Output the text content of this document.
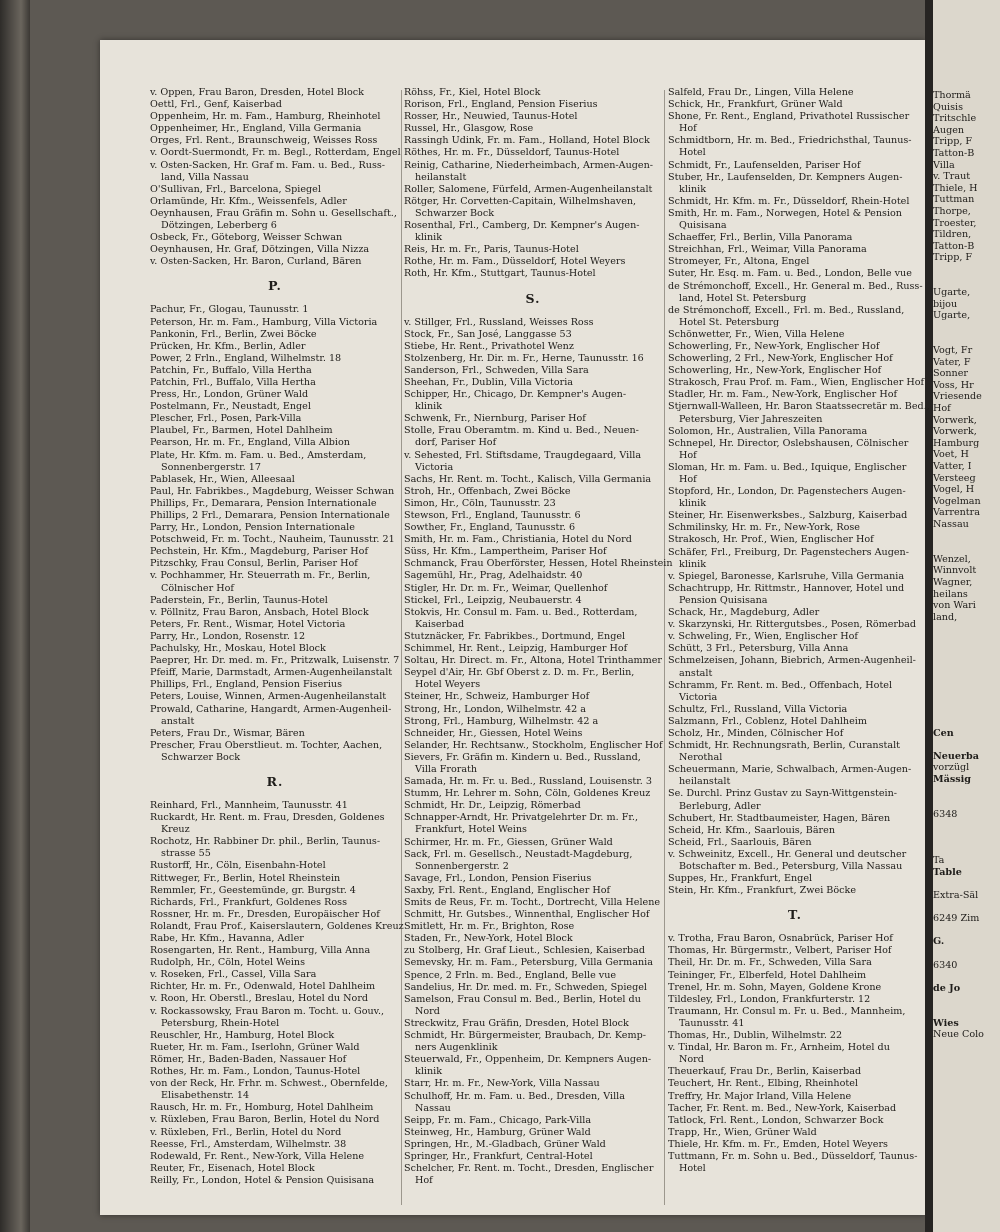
Thormä
Quisis
Tritschle
Augen
Tripp, F
Tatton-B
Villa
v. Traut
Thiele, H
Tuttman
Thorpe,
Troester,
Tildren,
Tatton-B
Tripp, F
Ugarte,
bijou
Ugarte,
Vogt, Fr
Vater, F
Sonner
Voss, Hr
Vriesende
Hof
Vorwerk,
Vorwerk,
Hamburg
Voet, H
Vatter, I
Versteeg
Vogel, H
Vogelman
Varrentra
Nassau
Wenzel,
Winnvolt
Wagner,
heilans
von Wari
land,
Cen
Neuerba
vorzügl
Mässig
6348
Ta
Table
Extra-Säl
6249 Zim
G.
6340
de Jo
Wies
Neue Colo
v. Oppen, Frau Baron, Dresden, Hotel Block
Oettl, Frl., Genf, Kaiserbad
Oppenheim, Hr. m. Fam., Hamburg, Rheinhotel
Oppenheimer, Hr., England, Villa Germania
Orges, Frl. Rent., Braunschweig, Weisses Ross
v. Oordt-Suermondt, Fr. m. Begl., Rotterdam, Engel
v. Osten-Sacken, Hr. Graf m. Fam. u. Bed., Russ-
land, Villa Nassau
O'Sullivan, Frl., Barcelona, Spiegel
Orlamünde, Hr. Kfm., Weissenfels, Adler
Oeynhausen, Frau Gräfin m. Sohn u. Gesellschaft.,
Dötzingen, Leberberg 6
Osbeck, Fr., Göteborg, Weisser Schwan
Oeynhausen, Hr. Graf, Dötzingen, Villa Nizza
v. Osten-Sacken, Hr. Baron, Curland, Bären
P.
Pachur, Fr., Glogau, Taunusstr. 1
Peterson, Hr. m. Fam., Hamburg, Villa Victoria
Pankonin, Frl., Berlin, Zwei Böcke
Prücken, Hr. Kfm., Berlin, Adler
Power, 2 Frln., England, Wilhelmstr. 18
Patchin, Fr., Buffalo, Villa Hertha
Patchin, Frl., Buffalo, Villa Hertha
Press, Hr., London, Grüner Wald
Postelmann, Fr., Neustadt, Engel
Plescher, Frl., Posen, Park-Villa
Plaubel, Fr., Barmen, Hotel Dahlheim
Pearson, Hr. m. Fr., England, Villa Albion
Plate, Hr. Kfm. m. Fam. u. Bed., Amsterdam,
Sonnenbergerstr. 17
Pablasek, Hr., Wien, Alleesaal
Paul, Hr. Fabrikbes., Magdeburg, Weisser Schwan
Phillips, Fr., Demarara, Pension Internationale
Phillips, 2 Frl., Demarara, Pension Internationale
Parry, Hr., London, Pension Internationale
Potschweid, Fr. m. Tocht., Nauheim, Taunusstr. 21
Pechstein, Hr. Kfm., Magdeburg, Pariser Hof
Pitzschky, Frau Consul, Berlin, Pariser Hof
v. Pochhammer, Hr. Steuerrath m. Fr., Berlin,
Cölnischer Hof
Paderstein, Fr., Berlin, Taunus-Hotel
v. Pöllnitz, Frau Baron, Ansbach, Hotel Block
Peters, Fr. Rent., Wismar, Hotel Victoria
Parry, Hr., London, Rosenstr. 12
Pachulsky, Hr., Moskau, Hotel Block
Paeprer, Hr. Dr. med. m. Fr., Pritzwalk, Luisenstr. 7
Pfeiff, Marie, Darmstadt, Armen-Augenheilanstalt
Phillips, Frl., England, Pension Fiserius
Peters, Louise, Winnen, Armen-Augenheilanstalt
Prowald, Catharine, Hangardt, Armen-Augenheil-
anstalt
Peters, Frau Dr., Wismar, Bären
Prescher, Frau Oberstlieut. m. Tochter, Aachen,
Schwarzer Bock
R.
Reinhard, Frl., Mannheim, Taunusstr. 41
Ruckardt, Hr. Rent. m. Frau, Dresden, Goldenes
Kreuz
Rochotz, Hr. Rabbiner Dr. phil., Berlin, Taunus-
strasse 55
Rustorff, Hr., Cöln, Eisenbahn-Hotel
Rittweger, Fr., Berlin, Hotel Rheinstein
Remmler, Fr., Geestemünde, gr. Burgstr. 4
Richards, Frl., Frankfurt, Goldenes Ross
Rossner, Hr. m. Fr., Dresden, Europäischer Hof
Rolandt, Frau Prof., Kaiserslautern, Goldenes Kreuz
Rabe, Hr. Kfm., Havanna, Adler
Rosengarten, Hr. Rent., Hamburg, Villa Anna
Rudolph, Hr., Cöln, Hotel Weins
v. Roseken, Frl., Cassel, Villa Sara
Richter, Hr. m. Fr., Odenwald, Hotel Dahlheim
v. Roon, Hr. Oberstl., Breslau, Hotel du Nord
v. Rockassowsky, Frau Baron m. Tocht. u. Gouv.,
Petersburg, Rhein-Hotel
Reuschler, Hr., Hamburg, Hotel Block
Rueter, Hr. m. Fam., Iserlohn, Grüner Wald
Römer, Hr., Baden-Baden, Nassauer Hof
Rothes, Hr. m. Fam., London, Taunus-Hotel
von der Reck, Hr. Frhr. m. Schwest., Obernfelde,
Elisabethenstr. 14
Rausch, Hr. m. Fr., Homburg, Hotel Dahlheim
v. Rüxleben, Frau Baron, Berlin, Hotel du Nord
v. Rüxleben, Frl., Berlin, Hotel du Nord
Reesse, Frl., Amsterdam, Wilhelmstr. 38
Rodewald, Fr. Rent., New-York, Villa Helene
Reuter, Fr., Eisenach, Hotel Block
Reilly, Fr., London, Hotel & Pension Quisisana
Röhss, Fr., Kiel, Hotel Block
Rorison, Frl., England, Pension Fiserius
Rosser, Hr., Neuwied, Taunus-Hotel
Russel, Hr., Glasgow, Rose
Rassingh Udink, Fr. m. Fam., Holland, Hotel Block
Röthes, Hr. m. Fr., Düsseldorf, Taunus-Hotel
Reinig, Catharine, Niederheimbach, Armen-Augen-
heilanstalt
Roller, Salomene, Fürfeld, Armen-Augenheilanstalt
Rötger, Hr. Corvetten-Capitain, Wilhelmshaven,
Schwarzer Bock
Rosenthal, Frl., Camberg, Dr. Kempner's Augen-
klinik
Reis, Hr. m. Fr., Paris, Taunus-Hotel
Rothe, Hr. m. Fam., Düsseldorf, Hotel Weyers
Roth, Hr. Kfm., Stuttgart, Taunus-Hotel
S.
v. Stillger, Frl., Russland, Weisses Ross
Stock, Fr., San José, Langgasse 53
Stiebe, Hr. Rent., Privathotel Wenz
Stolzenberg, Hr. Dir. m. Fr., Herne, Taunusstr. 16
Sanderson, Frl., Schweden, Villa Sara
Sheehan, Fr., Dublin, Villa Victoria
Schipper, Hr., Chicago, Dr. Kempner's Augen-
klinik
Schwenk, Fr., Niernburg, Pariser Hof
Stolle, Frau Oberamtm. m. Kind u. Bed., Neuen-
dorf, Pariser Hof
v. Sehested, Frl. Stiftsdame, Traugdegaard, Villa
Victoria
Sachs, Hr. Rent. m. Tocht., Kalisch, Villa Germania
Stroh, Hr., Offenbach, Zwei Böcke
Simon, Hr., Cöln, Taunusstr. 23
Stewson, Frl., England, Taunusstr. 6
Sowther, Fr., England, Taunusstr. 6
Smith, Hr. m. Fam., Christiania, Hotel du Nord
Süss, Hr. Kfm., Lampertheim, Pariser Hof
Schmanck, Frau Oberförster, Hessen, Hotel Rheinstein
Sagemühl, Hr., Prag, Adelhaidstr. 40
Stigler, Hr. Dr. m. Fr., Weimar, Quellenhof
Stickel, Frl., Leipzig, Neubauerstr. 4
Stokvis, Hr. Consul m. Fam. u. Bed., Rotterdam,
Kaiserbad
Stutznäcker, Fr. Fabrikbes., Dortmund, Engel
Schimmel, Hr. Rent., Leipzig, Hamburger Hof
Soltau, Hr. Direct. m. Fr., Altona, Hotel Trinthammer
Seypel d'Air, Hr. Gbf Oberst z. D. m. Fr., Berlin,
Hotel Weyers
Steiner, Hr., Schweiz, Hamburger Hof
Strong, Hr., London, Wilhelmstr. 42 a
Strong, Frl., Hamburg, Wilhelmstr. 42 a
Schneider, Hr., Giessen, Hotel Weins
Selander, Hr. Rechtsanw., Stockholm, Englischer Hof
Sievers, Fr. Gräfin m. Kindern u. Bed., Russland,
Villa Frorath
Samada, Hr. m. Fr. u. Bed., Russland, Louisenstr. 3
Stumm, Hr. Lehrer m. Sohn, Cöln, Goldenes Kreuz
Schmidt, Hr. Dr., Leipzig, Römerbad
Schnapper-Arndt, Hr. Privatgelehrter Dr. m. Fr.,
Frankfurt, Hotel Weins
Schirmer, Hr. m. Fr., Giessen, Grüner Wald
Sack, Frl. m. Gesellsch., Neustadt-Magdeburg,
Sonnenbergerstr. 2
Savage, Frl., London, Pension Fiserius
Saxby, Frl. Rent., England, Englischer Hof
Smits de Reus, Fr. m. Tocht., Dortrecht, Villa Helene
Schmitt, Hr. Gutsbes., Winnenthal, Englischer Hof
Smitlett, Hr. m. Fr., Brighton, Rose
Staden, Fr., New-York, Hotel Block
zu Stolberg, Hr. Graf Lieut., Schlesien, Kaiserbad
Semevsky, Hr. m. Fam., Petersburg, Villa Germania
Spence, 2 Frln. m. Bed., England, Belle vue
Sandelius, Hr. Dr. med. m. Fr., Schweden, Spiegel
Samelson, Frau Consul m. Bed., Berlin, Hotel du
Nord
Streckwitz, Frau Gräfin, Dresden, Hotel Block
Schmidt, Hr. Bürgermeister, Braubach, Dr. Kemp-
ners Augenklinik
Steuerwald, Fr., Oppenheim, Dr. Kempners Augen-
klinik
Starr, Hr. m. Fr., New-York, Villa Nassau
Schulhoff, Hr. m. Fam. u. Bed., Dresden, Villa
Nassau
Seipp, Fr. m. Fam., Chicago, Park-Villa
Steinweg, Hr., Hamburg, Grüner Wald
Springen, Hr., M.-Gladbach, Grüner Wald
Springer, Hr., Frankfurt, Central-Hotel
Schelcher, Fr. Rent. m. Tocht., Dresden, Englischer
Hof
Salfeld, Frau Dr., Lingen, Villa Helene
Schick, Hr., Frankfurt, Grüner Wald
Shone, Fr. Rent., England, Privathotel Russischer
Hof
Schmidtborn, Hr. m. Bed., Friedrichsthal, Taunus-
Hotel
Schmidt, Fr., Laufenselden, Pariser Hof
Stuber, Hr., Laufenselden, Dr. Kempners Augen-
klinik
Schmidt, Hr. Kfm. m. Fr., Düsseldorf, Rhein-Hotel
Smith, Hr. m. Fam., Norwegen, Hotel & Pension
Quisisana
Schaeffer, Frl., Berlin, Villa Panorama
Streichhan, Frl., Weimar, Villa Panorama
Stromeyer, Fr., Altona, Engel
Suter, Hr. Esq. m. Fam. u. Bed., London, Belle vue
de Strémonchoff, Excell., Hr. General m. Bed., Russ-
land, Hotel St. Petersburg
de Strémonchoff, Excell., Frl. m. Bed., Russland,
Hotel St. Petersburg
Schönwetter, Fr., Wien, Villa Helene
Schowerling, Fr., New-York, Englischer Hof
Schowerling, 2 Frl., New-York, Englischer Hof
Schowerling, Hr., New-York, Englischer Hof
Strakosch, Frau Prof. m. Fam., Wien, Englischer Hof
Stadler, Hr. m. Fam., New-York, Englischer Hof
Stjernwall-Walleen, Hr. Baron Staatssecretär m. Bed.,
Petersburg, Vier Jahreszeiten
Solomon, Hr., Australien, Villa Panorama
Schnepel, Hr. Director, Oslebshausen, Cölnischer
Hof
Sloman, Hr. m. Fam. u. Bed., Iquique, Englischer
Hof
Stopford, Hr., London, Dr. Pagenstechers Augen-
klinik
Steiner, Hr. Eisenwerksbes., Salzburg, Kaiserbad
Schmilinsky, Hr. m. Fr., New-York, Rose
Strakosch, Hr. Prof., Wien, Englischer Hof
Schäfer, Frl., Freiburg, Dr. Pagenstechers Augen-
klinik
v. Spiegel, Baronesse, Karlsruhe, Villa Germania
Schachtrupp, Hr. Rittmstr., Hannover, Hotel und
Pension Quisisana
Schack, Hr., Magdeburg, Adler
v. Skarzynski, Hr. Rittergutsbes., Posen, Römerbad
v. Schweling, Fr., Wien, Englischer Hof
Schütt, 3 Frl., Petersburg, Villa Anna
Schmelzeisen, Johann, Biebrich, Armen-Augenheil-
anstalt
Schramm, Fr. Rent. m. Bed., Offenbach, Hotel
Victoria
Schultz, Frl., Russland, Villa Victoria
Salzmann, Frl., Coblenz, Hotel Dahlheim
Scholz, Hr., Minden, Cölnischer Hof
Schmidt, Hr. Rechnungsrath, Berlin, Curanstalt
Nerothal
Scheuermann, Marie, Schwalbach, Armen-Augen-
heilanstalt
Se. Durchl. Prinz Gustav zu Sayn-Wittgenstein-
Berleburg, Adler
Schubert, Hr. Stadtbaumeister, Hagen, Bären
Scheid, Hr. Kfm., Saarlouis, Bären
Scheid, Frl., Saarlouis, Bären
v. Schweinitz, Excell., Hr. General und deutscher
Botschafter m. Bed., Petersburg, Villa Nassau
Suppes, Hr., Frankfurt, Engel
Stein, Hr. Kfm., Frankfurt, Zwei Böcke
T.
v. Trotha, Frau Baron, Osnabrück, Pariser Hof
Thomas, Hr. Bürgermstr., Velbert, Pariser Hof
Theil, Hr. Dr. m. Fr., Schweden, Villa Sara
Teininger, Fr., Elberfeld, Hotel Dahlheim
Trenel, Hr. m. Sohn, Mayen, Goldene Krone
Tildesley, Frl., London, Frankfurterstr. 12
Traumann, Hr. Consul m. Fr. u. Bed., Mannheim,
Taunusstr. 41
Thomas, Hr., Dublin, Wilhelmstr. 22
v. Tindal, Hr. Baron m. Fr., Arnheim, Hotel du
Nord
Theuerkauf, Frau Dr., Berlin, Kaiserbad
Teuchert, Hr. Rent., Elbing, Rheinhotel
Treffry, Hr. Major Irland, Villa Helene
Tacher, Fr. Rent. m. Bed., New-York, Kaiserbad
Tatlock, Frl. Rent., London, Schwarzer Bock
Trapp, Hr., Wien, Grüner Wald
Thiele, Hr. Kfm. m. Fr., Emden, Hotel Weyers
Tuttmann, Fr. m. Sohn u. Bed., Düsseldorf, Taunus-
Hotel
